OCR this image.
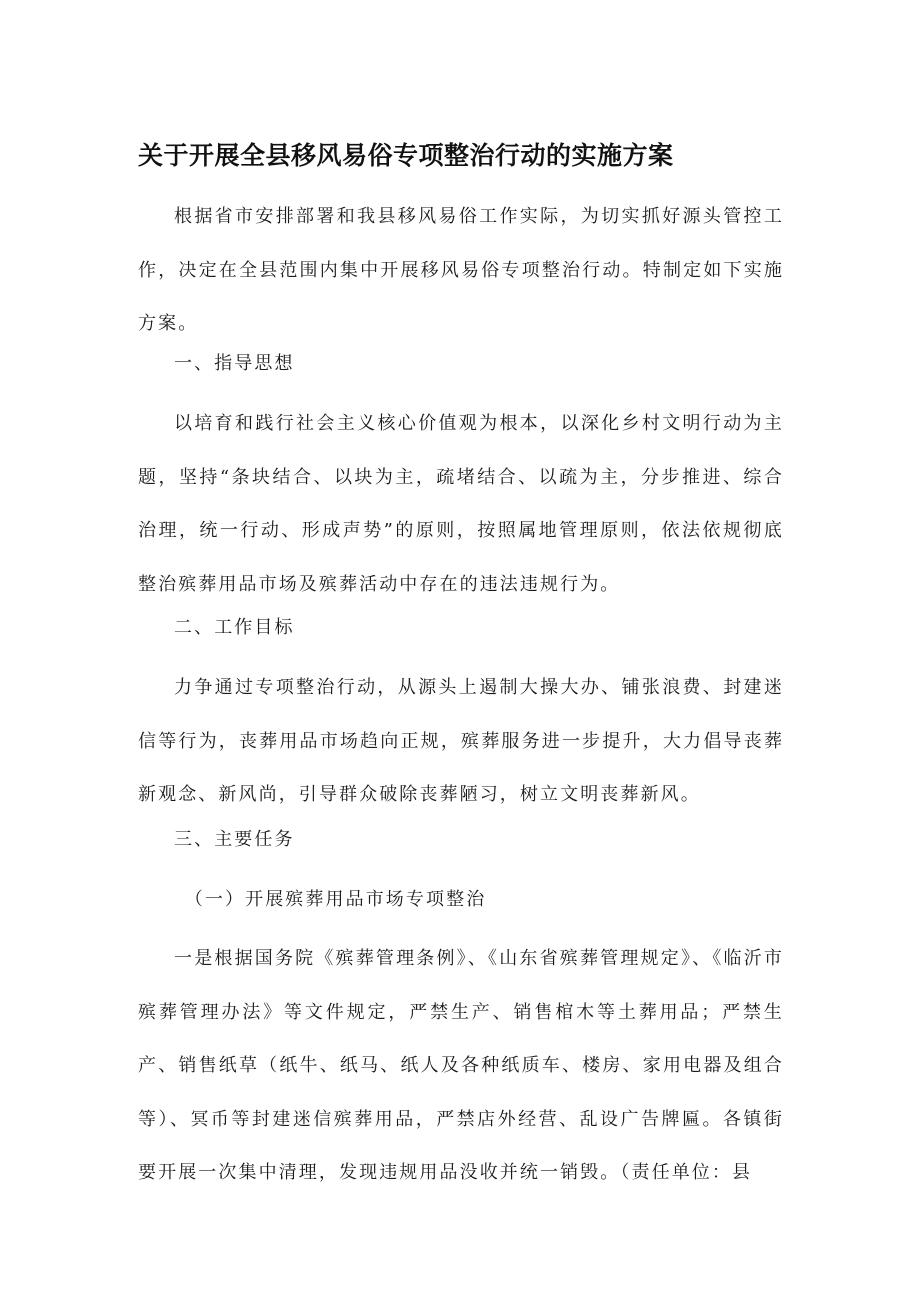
关于开展全县移风易俗专项整治行动的实施方案

根据省市安排部署和我县移风易俗工作实际，为切实抓好源头管控工作，决定在全县范围内集中开展移风易俗专项整治行动。特制定如下实施方案。

一、指导思想

以培育和践行社会主义核心价值观为根本，以深化乡村文明行动为主题，坚持“条块结合、以块为主，疏堵结合、以疏为主，分步推进、综合治理，统一行动、形成声势”的原则，按照属地管理原则，依法依规彻底整治殡葬用品市场及殡葬活动中存在的违法违规行为。

二、工作目标

力争通过专项整治行动，从源头上遏制大操大办、铺张浪费、封建迷信等行为，丧葬用品市场趋向正规，殡葬服务进一步提升，大力倡导丧葬新观念、新风尚，引导群众破除丧葬陋习，树立文明丧葬新风。

三、主要任务

（一）开展殡葬用品市场专项整治

一是根据国务院《殡葬管理条例》、《山东省殡葬管理规定》、《临沂市殡葬管理办法》等文件规定，严禁生产、销售棺木等土葬用品；严禁生产、销售纸草（纸牛、纸马、纸人及各种纸质车、楼房、家用电器及组合等）、冥币等封建迷信殡葬用品，严禁店外经营、乱设广告牌匾。各镇街要开展一次集中清理，发现违规用品没收并统一销毁。（责任单位：县
